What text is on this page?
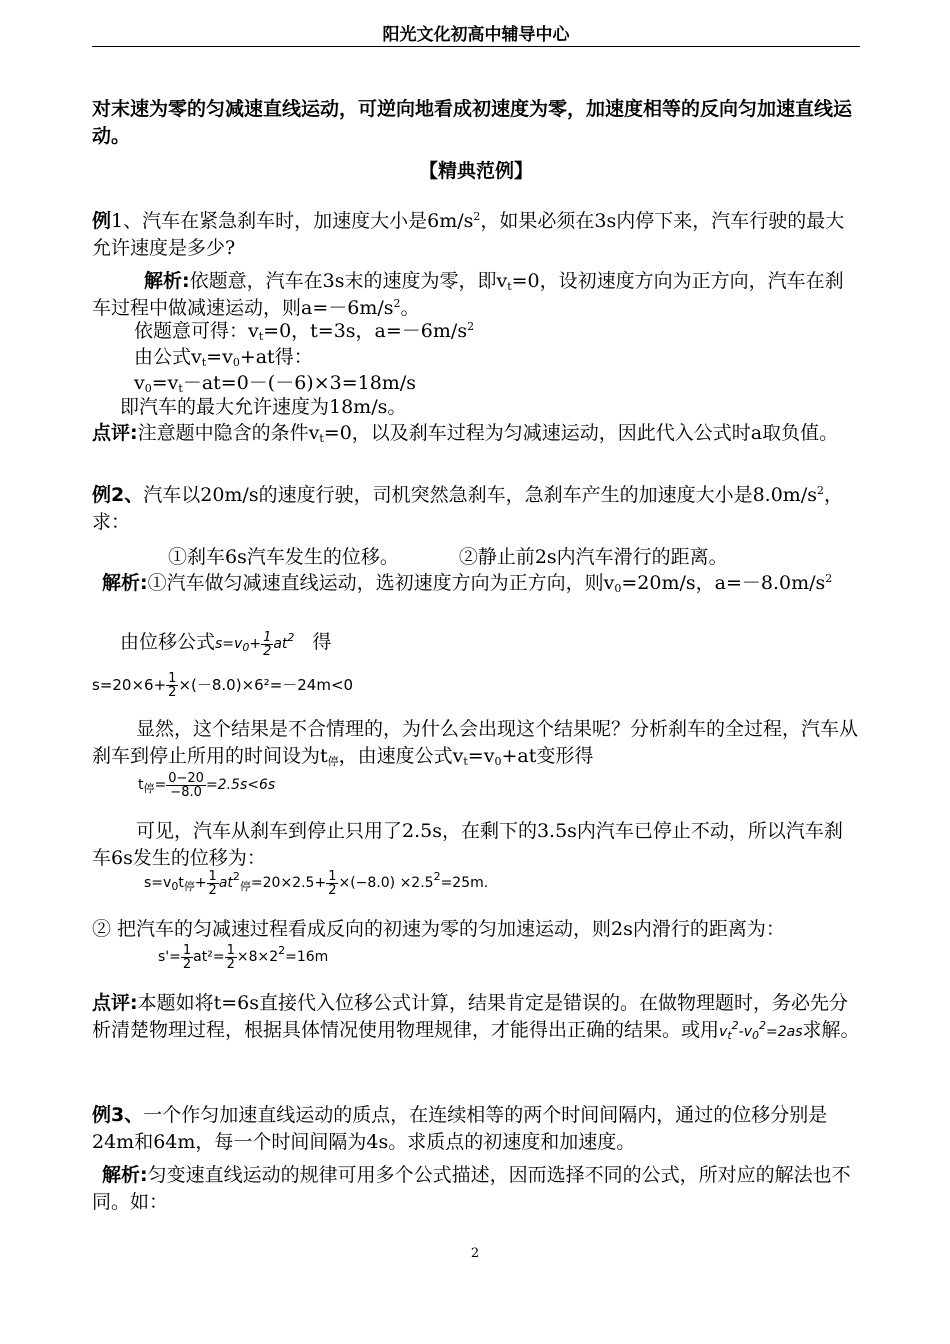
阳光文化初高中辅导中心
对末速为零的匀减速直线运动，可逆向地看成初速度为零，加速度相等的反向匀加速直线运动。
【精典范例】
例1、汽车在紧急刹车时，加速度大小是$6m/s^2$，如果必须在3s内停下来，汽车行驶的最大允许速度是多少?
解析:依题意，汽车在3s末的速度为零，即$v_t=0$，设初速度方向为正方向，汽车在刹车过程中做减速运动，则$a=-6m/s^2$。
依题意可得：$v_t=0$，t=3s，$a=-6m/s^2$
由公式$v_t=v_0+at$得：
$v_0=v_t-at=0-(-6)\times 3=18m/s$
即汽车的最大允许速度为18m/s。
点评:注意题中隐含的条件$v_t=0$，以及刹车过程为匀减速运动，因此代入公式时a取负值。
例2、汽车以20m/s的速度行驶，司机突然急刹车，急刹车产生的加速度大小是$8.0m/s^2$，求：
①刹车6s汽车发生的位移。	②静止前2s内汽车滑行的距离。
解析:①汽车做匀减速直线运动，选初速度方向为正方向，则$v_0=20m/s$，$a=-8.0m/s^2$
由位移公式$s=v_0+ \frac{1}{2} at^2$ 得
$s=20\times 6+ \frac{1}{2} \times(-8.0)\times 6^2=-24m<0$
显然，这个结果是不合情理的，为什么会出现这个结果呢？分析刹车的全过程，汽车从刹车到停止所用的时间设为$t_停$，由速度公式$v_t=v_0+at$变形得
$t_停= \frac{0-20}{-8.0} =2.5s<6s$
可见，汽车从刹车到停止只用了2.5s，在剩下的3.5s内汽车已停止不动，所以汽车刹车6s发生的位移为：
$s=v_0t_停+ \frac{1}{2} at^2_停=20\times 2.5+ \frac{1}{2} \times(-8.0) \times 2.5^2=25m$.
② 把汽车的匀减速过程看成反向的初速为零的匀加速运动，则2s内滑行的距离为：
$s'= \frac{1}{2} at^2= \frac{1}{2} \times 8\times 2^2=16m$
点评:本题如将t=6s直接代入位移公式计算，结果肯定是错误的。在做物理题时，务必先分析清楚物理过程，根据具体情况使用物理规律，才能得出正确的结果。或用$v_t^2-v_0^2=2as$求解。
例3、一个作匀加速直线运动的质点，在连续相等的两个时间间隔内，通过的位移分别是24m和64m，每一个时间间隔为4s。求质点的初速度和加速度。
解析:匀变速直线运动的规律可用多个公式描述，因而选择不同的公式，所对应的解法也不同。如：
2
